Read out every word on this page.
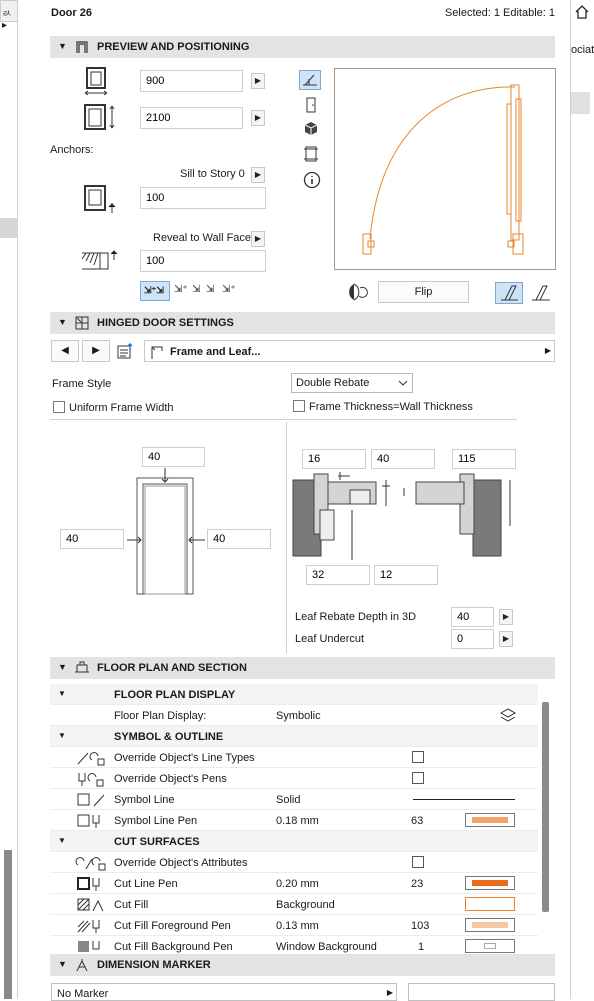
ﾭ▸
ociat
Door 26	Selected: 1 Editable: 1
▼	PREVIEW AND POSITIONING
900
▶
2100
▶
Anchors:
Sill to Story 0	▶
100
Reveal to Wall Face ▶
100
⇲⁺⇲	⇲⁺ ⇲ ⇲ ⇲⁺	Flip
▼	HINGED DOOR SETTINGS
◀	▶	Frame and Leaf...	▶
Frame Style	Double Rebate
Uniform Frame Width	Frame Thickness=Wall Thickness
40
40
40
16
40
115
32
12
Leaf Rebate Depth in 3D
40	▶
Leaf Undercut
0	▶
▼	FLOOR PLAN AND SECTION
▼	FLOOR PLAN DISPLAY
Floor Plan Display:	Symbolic
▼	SYMBOL & OUTLINE
Override Object's Line Types
Override Object's Pens
Symbol Line	Solid
Symbol Line Pen	0.18 mm	63
▼	CUT SURFACES
Override Object's Attributes
Cut Line Pen	0.20 mm	23
Cut Fill	Background
Cut Fill Foreground Pen	0.13 mm	103
Cut Fill Background Pen	Window Background	1
▼	DIMENSION MARKER
No Marker	▶
